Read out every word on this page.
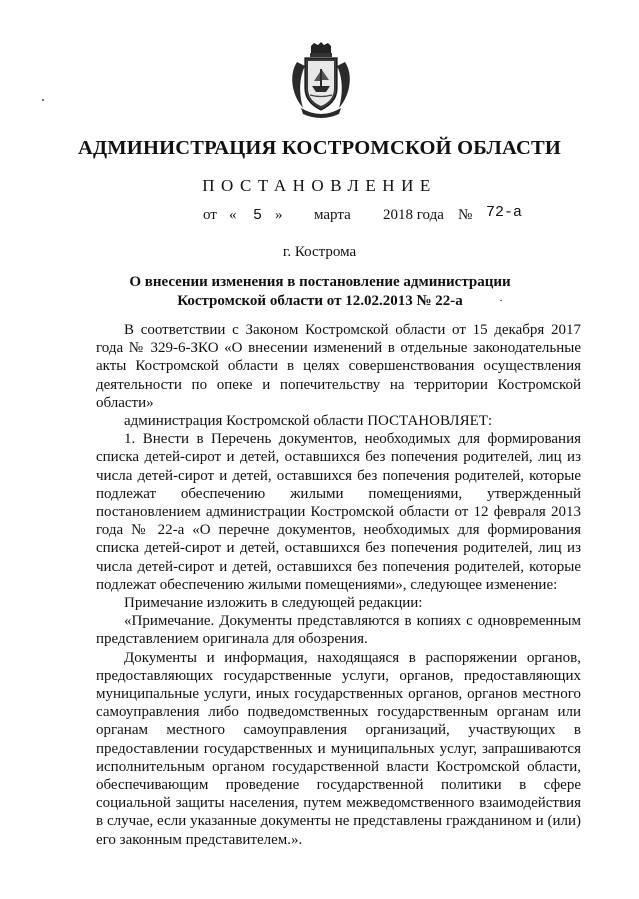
АДМИНИСТРАЦИЯ КОСТРОМСКОЙ ОБЛАСТИ
ПОСТАНОВЛЕНИЕ
от « 5 » марта 2018 года № 72-а
г. Кострома
О внесении изменения в постановление администрации
Костромской области от 12.02.2013 № 22-а

В соответствии с Законом Костромской области от 15 декабря 2017 года № 329-6-ЗКО «О внесении изменений в отдельные законодательные акты Костромской области в целях совершенствования осуществления деятельности по опеке и попечительству на территории Костромской области»

администрация Костромской области ПОСТАНОВЛЯЕТ:

1. Внести в Перечень документов, необходимых для формирования списка детей-сирот и детей, оставшихся без попечения родителей, лиц из числа детей-сирот и детей, оставшихся без попечения родителей, которые подлежат обеспечению жилыми помещениями, утвержденный постановлением администрации Костромской области от 12 февраля 2013 года № 22-а «О перечне документов, необходимых для формирования списка детей-сирот и детей, оставшихся без попечения родителей, лиц из числа детей-сирот и детей, оставшихся без попечения родителей, которые подлежат обеспечению жилыми помещениями», следующее изменение:

Примечание изложить в следующей редакции:

«Примечание. Документы представляются в копиях с одновременным представлением оригинала для обозрения.

Документы и информация, находящаяся в распоряжении органов, предоставляющих государственные услуги, органов, предоставляющих муниципальные услуги, иных государственных органов, органов местного самоуправления либо подведомственных государственным органам или органам местного самоуправления организаций, участвующих в предоставлении государственных и муниципальных услуг, запрашиваются исполнительным органом государственной власти Костромской области, обеспечивающим проведение государственной политики в сфере социальной защиты населения, путем межведомственного взаимодействия в случае, если указанные документы не представлены гражданином и (или) его законным представителем.».
